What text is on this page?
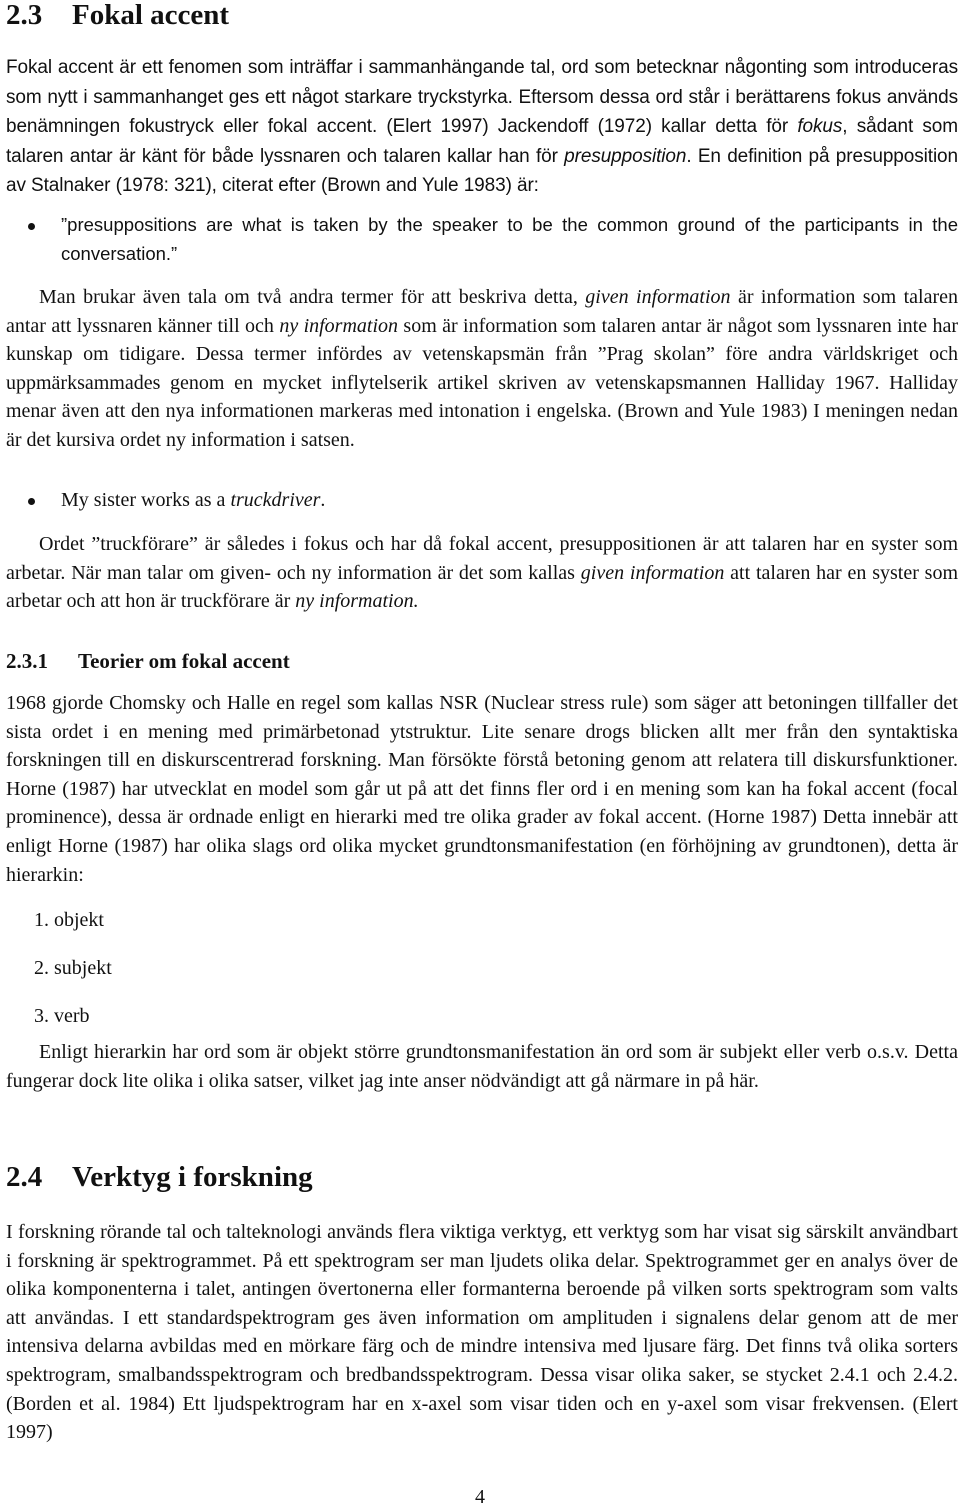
2.3 Fokal accent

Fokal accent är ett fenomen som inträffar i sammanhängande tal, ord som betecknar någonting som introduceras som nytt i sammanhanget ges ett något starkare tryckstyrka. Eftersom dessa ord står i berättarens fokus används benämningen fokustryck eller fokal accent. (Elert 1997) Jackendoff (1972) kallar detta för fokus, sådant som talaren antar är känt för både lyssnaren och talaren kallar han för presupposition. En definition på presupposition av Stalnaker (1978: 321), citerat efter (Brown and Yule 1983) är:

”presuppositions are what is taken by the speaker to be the common ground of the participants in the conversation.”

Man brukar även tala om två andra termer för att beskriva detta, given information är information som talaren antar att lyssnaren känner till och ny information som är information som talaren antar är något som lyssnaren inte har kunskap om tidigare. Dessa termer infördes av vetenskapsmän från ”Prag skolan” före andra världskriget och uppmärksammades genom en mycket inflytelserik artikel skriven av vetenskapsmannen Halliday 1967. Halliday menar även att den nya informationen markeras med intonation i engelska. (Brown and Yule 1983) I meningen nedan är det kursiva ordet ny information i satsen.

My sister works as a truckdriver.

Ordet ”truckförare” är således i fokus och har då fokal accent, presuppositionen är att talaren har en syster som arbetar. När man talar om given- och ny information är det som kallas given information att talaren har en syster som arbetar och att hon är truckförare är ny information.

2.3.1 Teorier om fokal accent

1968 gjorde Chomsky och Halle en regel som kallas NSR (Nuclear stress rule) som säger att betoningen tillfaller det sista ordet i en mening med primärbetonad ytstruktur. Lite senare drogs blicken allt mer från den syntaktiska forskningen till en diskurscentrerad forskning. Man försökte förstå betoning genom att relatera till diskursfunktioner. Horne (1987) har utvecklat en model som går ut på att det finns fler ord i en mening som kan ha fokal accent (focal prominence), dessa är ordnade enligt en hierarki med tre olika grader av fokal accent. (Horne 1987) Detta innebär att enligt Horne (1987) har olika slags ord olika mycket grundtonsmanifestation (en förhöjning av grundtonen), detta är hierarkin:

1. objekt
2. subjekt
3. verb

Enligt hierarkin har ord som är objekt större grundtonsmanifestation än ord som är subjekt eller verb o.s.v. Detta fungerar dock lite olika i olika satser, vilket jag inte anser nödvändigt att gå närmare in på här.

2.4 Verktyg i forskning

I forskning rörande tal och talteknologi används flera viktiga verktyg, ett verktyg som har visat sig särskilt användbart i forskning är spektrogrammet. På ett spektrogram ser man ljudets olika delar. Spektrogrammet ger en analys över de olika komponenterna i talet, antingen övertonerna eller formanterna beroende på vilken sorts spektrogram som valts att användas. I ett standardspektrogram ges även information om amplituden i signalens delar genom att de mer intensiva delarna avbildas med en mörkare färg och de mindre intensiva med ljusare färg. Det finns två olika sorters spektrogram, smalbandsspektrogram och bredbandsspektrogram. Dessa visar olika saker, se stycket 2.4.1 och 2.4.2. (Borden et al. 1984) Ett ljudspektrogram har en x-axel som visar tiden och en y-axel som visar frekvensen. (Elert 1997)

4
